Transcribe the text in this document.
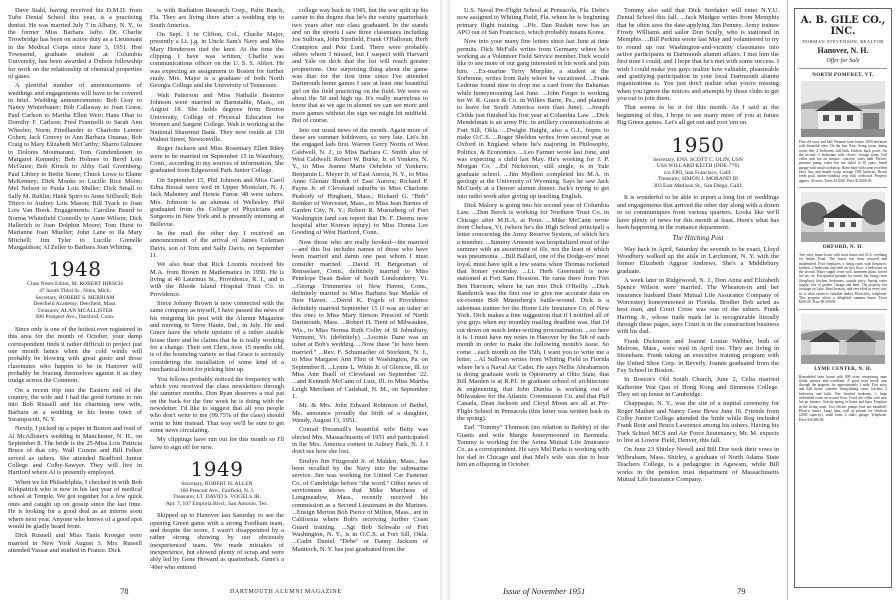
Dave Stahl, having received his D.M.D. from Tufts Dental School this year, is a practicing dentist. He was married July 7 in Albany, N. Y., to the former Miss Barbara Jaffe. Dr. Charlie Trowbridge has been on active duty as a Lieutenant in the Medical Corps since June 3, 1951. Hoe Townsend, graduate student at Columbia University, has been awarded a Dubois fellowship for work on the relationship of chemical properties of gases.

A plentiful number of announcements of weddings and engagements will have to be covered in brief. Wedding announcements: Bob Gray to Nancy Winterbauer; Bob Callaway to Joan Grass; Paul Carlson to Martha Ellen Weir; Hans Ohar to Dorothy F. Carlson; Fred Frantzelli to Sarah Ann Wheeler; Norm Friedlander to Charlotte Lenore Cohen; Jack Convey to Ann Barbara Onanas; Bob Craig to Mary Elizabeth McCarthy; Sharru Gilmore to Dolores Moumarani; Tom Gundenhouen to Margaret Kennedy; Bob Holmes to Beryl Lois McGuire; Bob Kirsch to Abby Gail Greenberg; Paul Libbey to Bettie Stone; Chuck Lowe to Elaine McKenney; Dick Monks to Lucille Rice Moon; Mel Nelson to Paula Lois Muller; Dick Small to Sally M. Ruhlin; Hank Spiro to Anne Stillwell; Bob Trieco to Audrey Lois Mason; Bill Tyack to Joan Lois Van Hook. Engagements: Caroline Beard to Norma Whitefield Connolly to Anne Wilson; Dick Hallerich to Joan Dolphin Moore; Tom Hurst to Marianne Joan Mueller; John Lane to Ila Mary Mitchell; Jim Tyler to Lucille Grenelle Mangaldson; Al Zeller to Barbara Joan Whiting.

1948

Class Notes Editor, M. ROBERT HIRSCH

47 South Third St., Niles, Mich.

Secretary, ROBERT S. MERRIAM

Deerfield Academy, Deerfield, Mass.

Treasurer, ALAN MCALLISTER

696 Prospect Ave., Hartford, Conn.

Since only is one of the hottest ever registered in this area for the month of October, your damp correspondent finds it rather difficult to project just one month hence when the cold winds will probably be blowing with great gusto and those classmates who happen to be in Hanover will probably be bracing themselves against it as they trudge across the Common.

On a recent trip into the Eastern end of the country, the wife and I had the good fortune to run into Bob Russell and his charming new wife, Barbara at a wedding in his home town of Swampscott, N. Y.

Nextly, I picked up a paper in Boston and read of Al McAllister's wedding in Manchester, N. H., on September 8. The bride is the 25-Miss Lois Patricia Bruce of that city. Wall Cozens and Bill Felker served as ushers. She attended Bradford Junior College and Colby-Sawyer. They will live in Hartford where Al is presently employed.

When we hit Philadelphia, I checked in with Bob Kirkpatrick who is now in his last year of medical school at Temple. We got together for a few quick ones and caught up on gossip since the last time. He is looking for a good deal as an interne soon where next year. Anyone who knows of a good spot would be gladly heard from.

Dick Rusnell and Miss Tanis Kroeger were married in New York August 3. Mrs. Russell attended Vassar and studied in France. Dick

is with Radiation Research Corp., Palm Beach, Fla. They are living there after a wedding trip to South America.

On Sept. 1 in Clifton, Col., Charlie Major, presently a Lt. j.g. in Uncle Sam's Navy and Miss Mary Henderson tied the knot. At the time the clipping I have was written, Charlie was communications officer on the U. S. S. Abbot. He was expecting an assignment to Boston for further study. Mrs. Major is a graduate of both North Georgia College and the University of Tennessee.

Walt Patterson and Miss Nathalie Beatrice Johnson were married in Barnstable, Mass., on August 18. She holds degrees from Boston University, College of Physical Education for Women and Sargent College. Walt is working at the National Shawmut Bank. They now reside at 130 Walnut Street, Newtonville.

Roger Jackson and Miss Rosemary Ellen Riley were to be married on September 15 in Waterbury, Conn., according to my sources of information. She graduated from Edgewood Park Junior College.

On September 15, Phil Johnson and Miss Carol Edna Bessal were wed in Upper Montclair, N. J. Jack Mahoney and Howie Farrar '48 were ushers. Mrs. Johnson is an alumna of Wellesley. Phil graduated from the College of Physicians and Surgeons in New York and is presently interning at Bellevue.

In the mail the other day I received an announcement of the arrival of James Coleman Davis, son of Tom and Sally Davis, on September 11.

We also hear that Rick Loomis received his M.A. from Brown in Mathematics in 1950. He is living at 46 Laurinus St., Providence, R. I., and is with the Rhode Island Hospital Trust Co. in Providence.

Since Johnny Brown is now connected with the same company as myself, I have passed the news of his resigning his post with the Alumni Magazine and moving to Terre Haute, Ind., in July. He and Grace have the whole upstairs of a rather sizable house there and he claims that he is really working for a change. Their son Chris, now 15 months old, is of the bouncing variety so that Grace is seriously considering the installation of some kind of a mechanical hoist for picking him up.

You fellows probably noticed the frequency with which you received the class newsletters through the summer months. Don Ryan deserves a real pat on the back for the fine work he is doing with the newsletter. I'd like to suggest that all you people who don't write to me (99.75% of the class) should write to him instead. That way we'll be sure to get some news circulating.

My clippings have run out for this month so I'll have to sign off for now.

1949

Secretary, ROBERT H. ALLEN

166 Prescott Ave., Fairfield, N. J.

Treasurer, LT. DAVID S. VOGELS JR.

Apt. 7, 107 Emporia Blvd., San Antonio, Tex.

Skipped up to Hanover last Saturday to see the opening Green game with a strong Fordham team, and despite the score, I wasn't disappointed by a rather strong showing by our obviously inexperienced team. We made mistakes of inexperience, but showed plenty of scrap and were ably led by Gene Howard as quarterback. Gene's a '49er who entered

college way back in 1945, but the war split up his career to the degree that he's the varsity quarterback two years after our class graduated. In the stands and on the streets I saw three classmates including Joe Sullivan, John Strofield, Frank O'Halloran, Herb Crampton and Pete Lord. There were probably others whom I missed, but I suspect with Harvard and Yale on deck that the list will reach greater proportions. One surprising thing about the game was that for the first time since I've attended Dartmouth home games I saw at least one beautiful girl on the field practicing on the field. We were so about the 50 and high up. It's really marvelous to know that as we age in alumni we can see more and more games without the sign we might hit midfield. But of course.

Into our usual news of the month. Again more of these are summer holdovers, so very late. Let's hit the engaged lads first. Warren Gerry Norris of West Caldwell, N. J., to Miss Barbara C. Smith also of West Caldwell; Robert W. Burke, Jr. of Yonkers, N. Y., to Miss Jeanne Marie Oehrlein of Yonkers; Benjamin L. Meyer Jr. of East Aurora, N. Y., to Miss Anne Glenair Brandt of East Aurora; Richard P. Payne Jr. of Cleveland suburbs to Miss Charlotte Peabody of Hingham, Mass.; Richard G. "Bob" Reinker of Worcester, Mass., to Miss Jean Barnes of Garden City, N. Y.; Robert R. Muenzberg of Fort Washington (and can report that Dr. F. Deems now hospital after Korean injury) to Miss Donna Lee Gooding of West Hartford, Conn.

Now those who are really hooked—the married—and this list includes names of those who have been married and damn one past whom I must consider married. ...David H. Bergesman of Rensselaer, Conn., definitely married to Miss Penelope Dean Baker of South Londonderry, Vt. ...George Trimmeries of New Haven, Conn., definitely married to Miss Barbara Sue Markle of New Haven. ...David K. Fogels of Providence definitely married September 15 (I was an usher at this one) to Miss Mary Stetson Prescott of North Dartmouth, Mass. ...Robert H. Trent of Milwaukee, Wis., to Miss Norma Ruth Colby of St Johnsbury, Vermont, Vt. (definitely) ...Loomis Dane was an usher at Bob's wedding. ...Now these "to have been married." ...Rev. F. Schumacher of Stockton, N. J., to Miss Margaret Ann Flint of Washington, Pa. on September 8. ...Lynne L. White Jr. of Glencoe, Ill. to Miss Ann Buell of Cleveland on September 22. ...and Kenneth McCann of Lutz, Ill. to Miss Martha Leigh Merchant of Carlsbad, N. M., on September 1.

Mr. & Mrs. John Edward Robinson of Bethel, Me. announce proudly the birth of a daughter, Wendy, August 13, 1951.

Conrad Pressnaill's beautiful wife Betty was elected Mrs. Massachusetts of 1951 and participated in the Mrs. America contest in Asbury Park, N. J. I don't see how she lost.

Emilyo Jim Fitzgerald Jr. of Malden, Mass., has been recalled by the Navy into the submarine service. Jim was working for United Car Fastener Co. of Cambridge before "the word." Other news of servicemen shows that Mike Marchese of Longmeadow, Mass., recently received his commission as a Second Lieutenant in the Marines. ...Ensign Merton Bob Pierce of Milton, Mass., are in California where Bob's receiving further Coast Guard training. ...Sgt Bob Schwaln of Fort Washington, N. Y., is in O.C.S. at Fort Sill, Okla. ...Cadet Daniel "Debe" or Danny Jackson of Manitock, N. Y. has just graduated from the

78	DARTMOUTH ALUMNI MAGAZINE

U.S. Naval Pre-Flight School at Pensacola, Fla. Debe's now assigned to Whiting Field, Fla. where he is beginning primary flight training. ...Pfc. Dan Ruskin now has an APO out of San Francisco, which probably means Korea.

Now into your many fine letters since last June at time permits. Dick McFalls writes from Germany where he's working as a Volunteer Field Service member. Dick would like to see more of our gang interested in his work and join him. ...Ex-marine Terry Murphie, a student at the Sorbonne, writes from Italy where he vacationed. ...Frank Lederne found time to drop me a card from the Bahamas while honeymooning last June. ...John Ferger is working for W. R. Grace & Co. in Wilkes Barre, Pa., and planned to leave for South America soon (last June). ...Joseph Childs just finished his first year at Columbia Law. ...Dick Mendelman is an army Pfc. in artillery communications at Fort Sill, Okla. ...Dwight Haight, also a G.I., hopes to make O.C.S. ...Roger Sheldon writes from second year at Oxford in England where he's majoring in Philosophy, Politics, & Economics. ...Leo Farmer wrote last June, and was expecting a child last May. He's working for J. P. Morgan Co. ...Ed Nickerson, still single, is in Yale graduate school. ...Jim Mydlem completed his M.A. in geology at the University of Wyoming. Says he saw Jack McCurdy at a Denver alumni dinner. Jack's trying to get into radio work after giving up teaching English.

Dick Malory is going into his second year of Columbia Law. ...Don Berck is working for Northern Trust Co. in Chicago after M.B.A. at Penn. ...Mike McCann wrote from Chelsea, Vt. (where he's the High School principal) a letter concerning the Army Reserve System, of which he's a member. ...Summy Arneson was hospitalized most of the summer with an assortment of ills, not the least of which was pneumonia. ...Bill Ballard, one of the Dodge-ers' most loyal, must have split a few seams when Thomas rocketed that homer yesterday. ...Lt. Herb Greenstaff is now stationed at Fort Sam Houston. He came there from Fort Ben Harrison, where he ran into Dick O'Reilly. ...Dick Banderick was the first one to give me accurate data on ex-roomie Bob Muenzberg's battle-wound. Dick is a salesman trainee for the Home Life Insurance Co. of New York. Dick makes a fine suggestion that if I notified all of you guys when my monthly mailing deadline was, that I'd cut down on much letter-writing procrastination. ...so here it is. I must have my notes in Hanover by the 5th of each month in order to make the following month's issue. So come ...each month on the 15th, I want you to write me a letter. ...Al Sullivan writes from Whiting Field in Florida where he's a Naval Air Cadet. He says Nellie Abrahamson is doing graduate work in Optometry at Ohio State, that Bill Marden is at R.P.I. in graduate school of architecture & engineering, that John Dunlea is working out of Milwaukee for the Atlantic Commission Co. and that Phil Canada, Dean Jackson and Cloyd Moon are all at Pre-Flight School in Pensacola (this letter was written back in the spring).

Earl "Tommy" Thomson (no relation to Bobby) of the Giants and wife Margie honeymooned in Bermuda. Tommy is working for the Aetna Mutual Life Insurance Co. as a correspondent. He says Mel Parks is working with his dad in Chicago and that Mel's wife was due to bear him an offspring in October.

Tommy also said that Dick Sordaker will enter N.Y.U. Dental School this fall. ...Jack Mudgee writes from Memphis that he often sees the date-applying Jim Penney. Army trainee Frosty Williams and sailor Don Scully, who is stationed in Memphis. ...Bill Perkins wrote last May and volunteered to try to round up our Washington-and-vicinity classmates into active participants in Dartmouth alumni affairs. I met him the first time I could, and I hope that he's met with some success. I wish I could make you guys realize how valuable, pleasurable and gratifying participation in your local Dartmouth alumni organizations is. You just don't realize what you're missing when you ignore the notices and attempts by those clubs to get you out to join them.

That seems to be it for this month. As I said at the beginning of this, I hope to see many more of you at future Big Green games. Let's all get out and root 'em on.

1950

Secretary, ENS. SCOTT C. OLIN, USN

USS WILLARD KEITH (DDE-776)

c/o FPO, San Francisco, Calif.

Treasurer, SIMON J. MORAND III

303 East Madison St., San Diego, Calif.

It is wonderful to be able to report a long list of weddings and engagements that arrived the other day along with a dozen or so communiques from various quarters. Looks like we'll have plenty of news for this month at least. Here's what has been happening in the romance department.

The Hitching Post

Way back in April, Saturday the seventh to be exact, Lloyd Woodbury walked up the aisle in Larchmont, N. Y. with the former Elizabeth Aggrae Andrews. She's a Middlebury graduate.

A week later in Ridgewood, N. J., Don Anna and Elizabeth Spence Wilson were married. The Wheaton-in and her insurance husband Dane Mutual Life Assurance Company of Worcester) honeymooned in Florida. Brother Bob acted as best man, and Court Cross was one of the ushers. Frank Harring Jr., whose trade mark he is recognizable literally through these pages, says Court is in the construction business with his dad.

Frank Dickinson and Joanne Louise Webber, both of Melrose, Mass., were wed in April too. They are living in Stoneham. Frank taking an executive training program with the United Shoe Corp. in Beverly. Joanne graduated from the Fay School in Boston.

In Boston's Old South Church, June 2, Celia married Katherine Wai Quu of Hong Kong and Simmons College. They set up house in Cambridge.

Chappaque, N. Y., was the site of a nuptial ceremony for Roger Mathen and Nancy Gene Hewe June 16. Friends from Colby Junior College attended the bride while Reg included Frank Reur and Bruce Lawrence among his ushers. Having his Tuck School MCS and Air Force lieutenancy, Mr. M. expects to live at Lowrie Field, Denver, this fall.

On June 23 Shirley Nevell and Bill Doe took their vows in Wilbraham, Mass. Shirley, a graduate of North Adams State Teachers College, is a pedagogue in Agawam, while Bill works in the pension trust department of Massachusetts Mutual Life Insurance Company.

A. B. GILE CO., INC.
NORMAN STEVENSON, REALTOR
Hanover, N. H.
Offer for Sale
NORTH POMFRET, VT.

Fine old story and half Vermont farm house, 1800 elevation with beautiful view. On the first floor: living room, dining room, den, 2 bedrooms, full bath, kitchen, back porch. On the second, 2 bedrooms with closets, storage room. Full cellar with hot air furnace, concrete, water tank. Electric pressure pump; water has not failed in 30 years. Small garage with small workshop. Horse barn with some excellent early hay, and maple syrup storage (300 buckets). Brook feeds pool, timber-standing crop with cordwood. Property approx. 40 acres. Taxes $110.00. Price $10,000.00.

ORFORD, N. H.

Two story frame house with front house and 32 ft. overhang on Indian Pond. The house has been restored and modernized. Four fireplaces, a living room with fireplaces, kitchen, 2 bedrooms and bath on first floor. 3 bedrooms on the second. Water supply from well, basement plant, forced hot air, oil. Exceptional grounds for rental, has living room (fireplace), kitchen, bedrooms, outside privy. Spring water supply; lots of garden. Garage and barn. The property has frontage on Lake. Ideal location, and very ideal in every way so to what extent is valuable timber. Electricity, telephone. This property offers a delightful summer home. Taxes $265.00. Price $9,500.00.

LYME CENTER, N. H.

Remodeled farm house with 800 acres comprising open fields, pasture and woodland. A good trout brook runs through the property for approximately 1 mile. Five story and half house contains living/dining room, kitchen, 2 bedrooms and bath. One finished bedroom, 1 large unfinished room on second floor. Good dirt cellar with new hot air furnace. Gravity spring to house and barn. Fireplace in the living room. Two electric pumps (one not installed). Electric heater. Large barn, well at present for chickens (2000 capacity), small barn, 2 stalls, garage. Telephone. Price $16,000.00.

Issue of November 1951	79
